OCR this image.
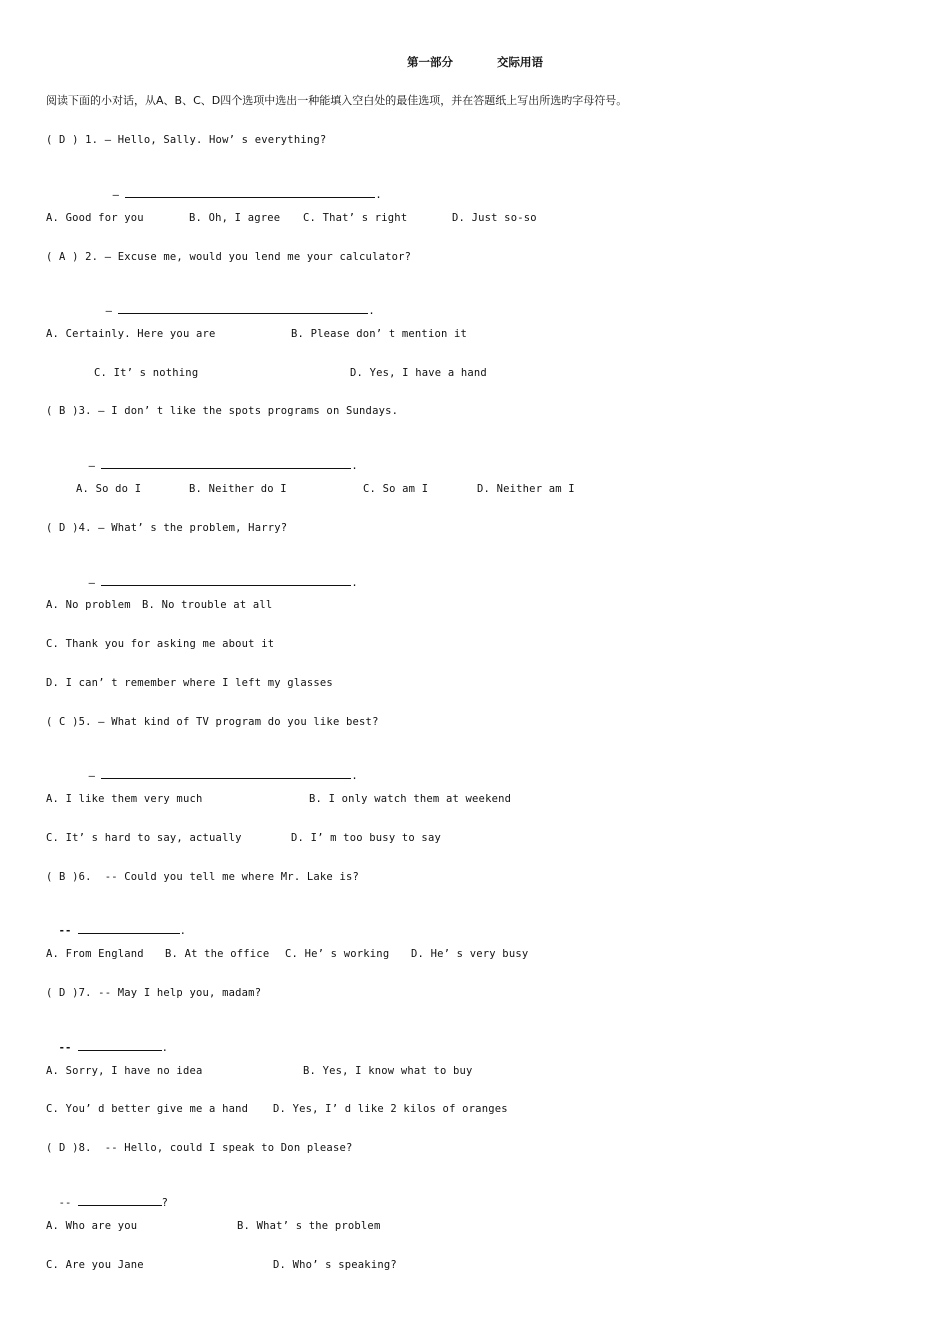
第一部分	交际用语
阅读下面的小对话，从A、B、C、D四个选项中选出一种能填入空白处的最佳选项，并在答题纸上写出所选旳字母符号。
( D ) 1. — Hello, Sally. How’ s everything?

—	.

A. Good for you	B. Oh, I agree C. That’ s right	D. Just so-so
( A ) 2. — Excuse me, would you lend me your calculator?

—	.

A. Certainly. Here you are	B. Please don’ t mention it
C. It’ s nothing	D. Yes, I have a hand
( B )3. — I don’ t like the spots programs on Sundays.

—	.

A. So do I	B. Neither do I	C. So am I	D. Neither am I
( D )4. — What’ s the problem, Harry?

—	.

A. No problem B. No trouble at all
C. Thank you for asking me about it
D. I can’ t remember where I left my glasses
( C )5. — What kind of TV program do you like best?

—	.

A. I like them very much	B. I only watch them at weekend
C. It’ s hard to say, actually	D. I’ m too busy to say
( B )6.  -- Could you tell me where Mr. Lake is?

--	.

A. From England B. At the office C. He’ s working D. He’ s very busy
( D )7. -- May I help you, madam?

--	.

A. Sorry, I have no idea	B. Yes, I know what to buy
C. You’ d better give me a hand D. Yes, I’ d like 2 kilos of oranges
( D )8.  -- Hello, could I speak to Don please?

--	?

A. Who are you	B. What’ s the problem
C. Are you Jane	D. Who’ s speaking?
